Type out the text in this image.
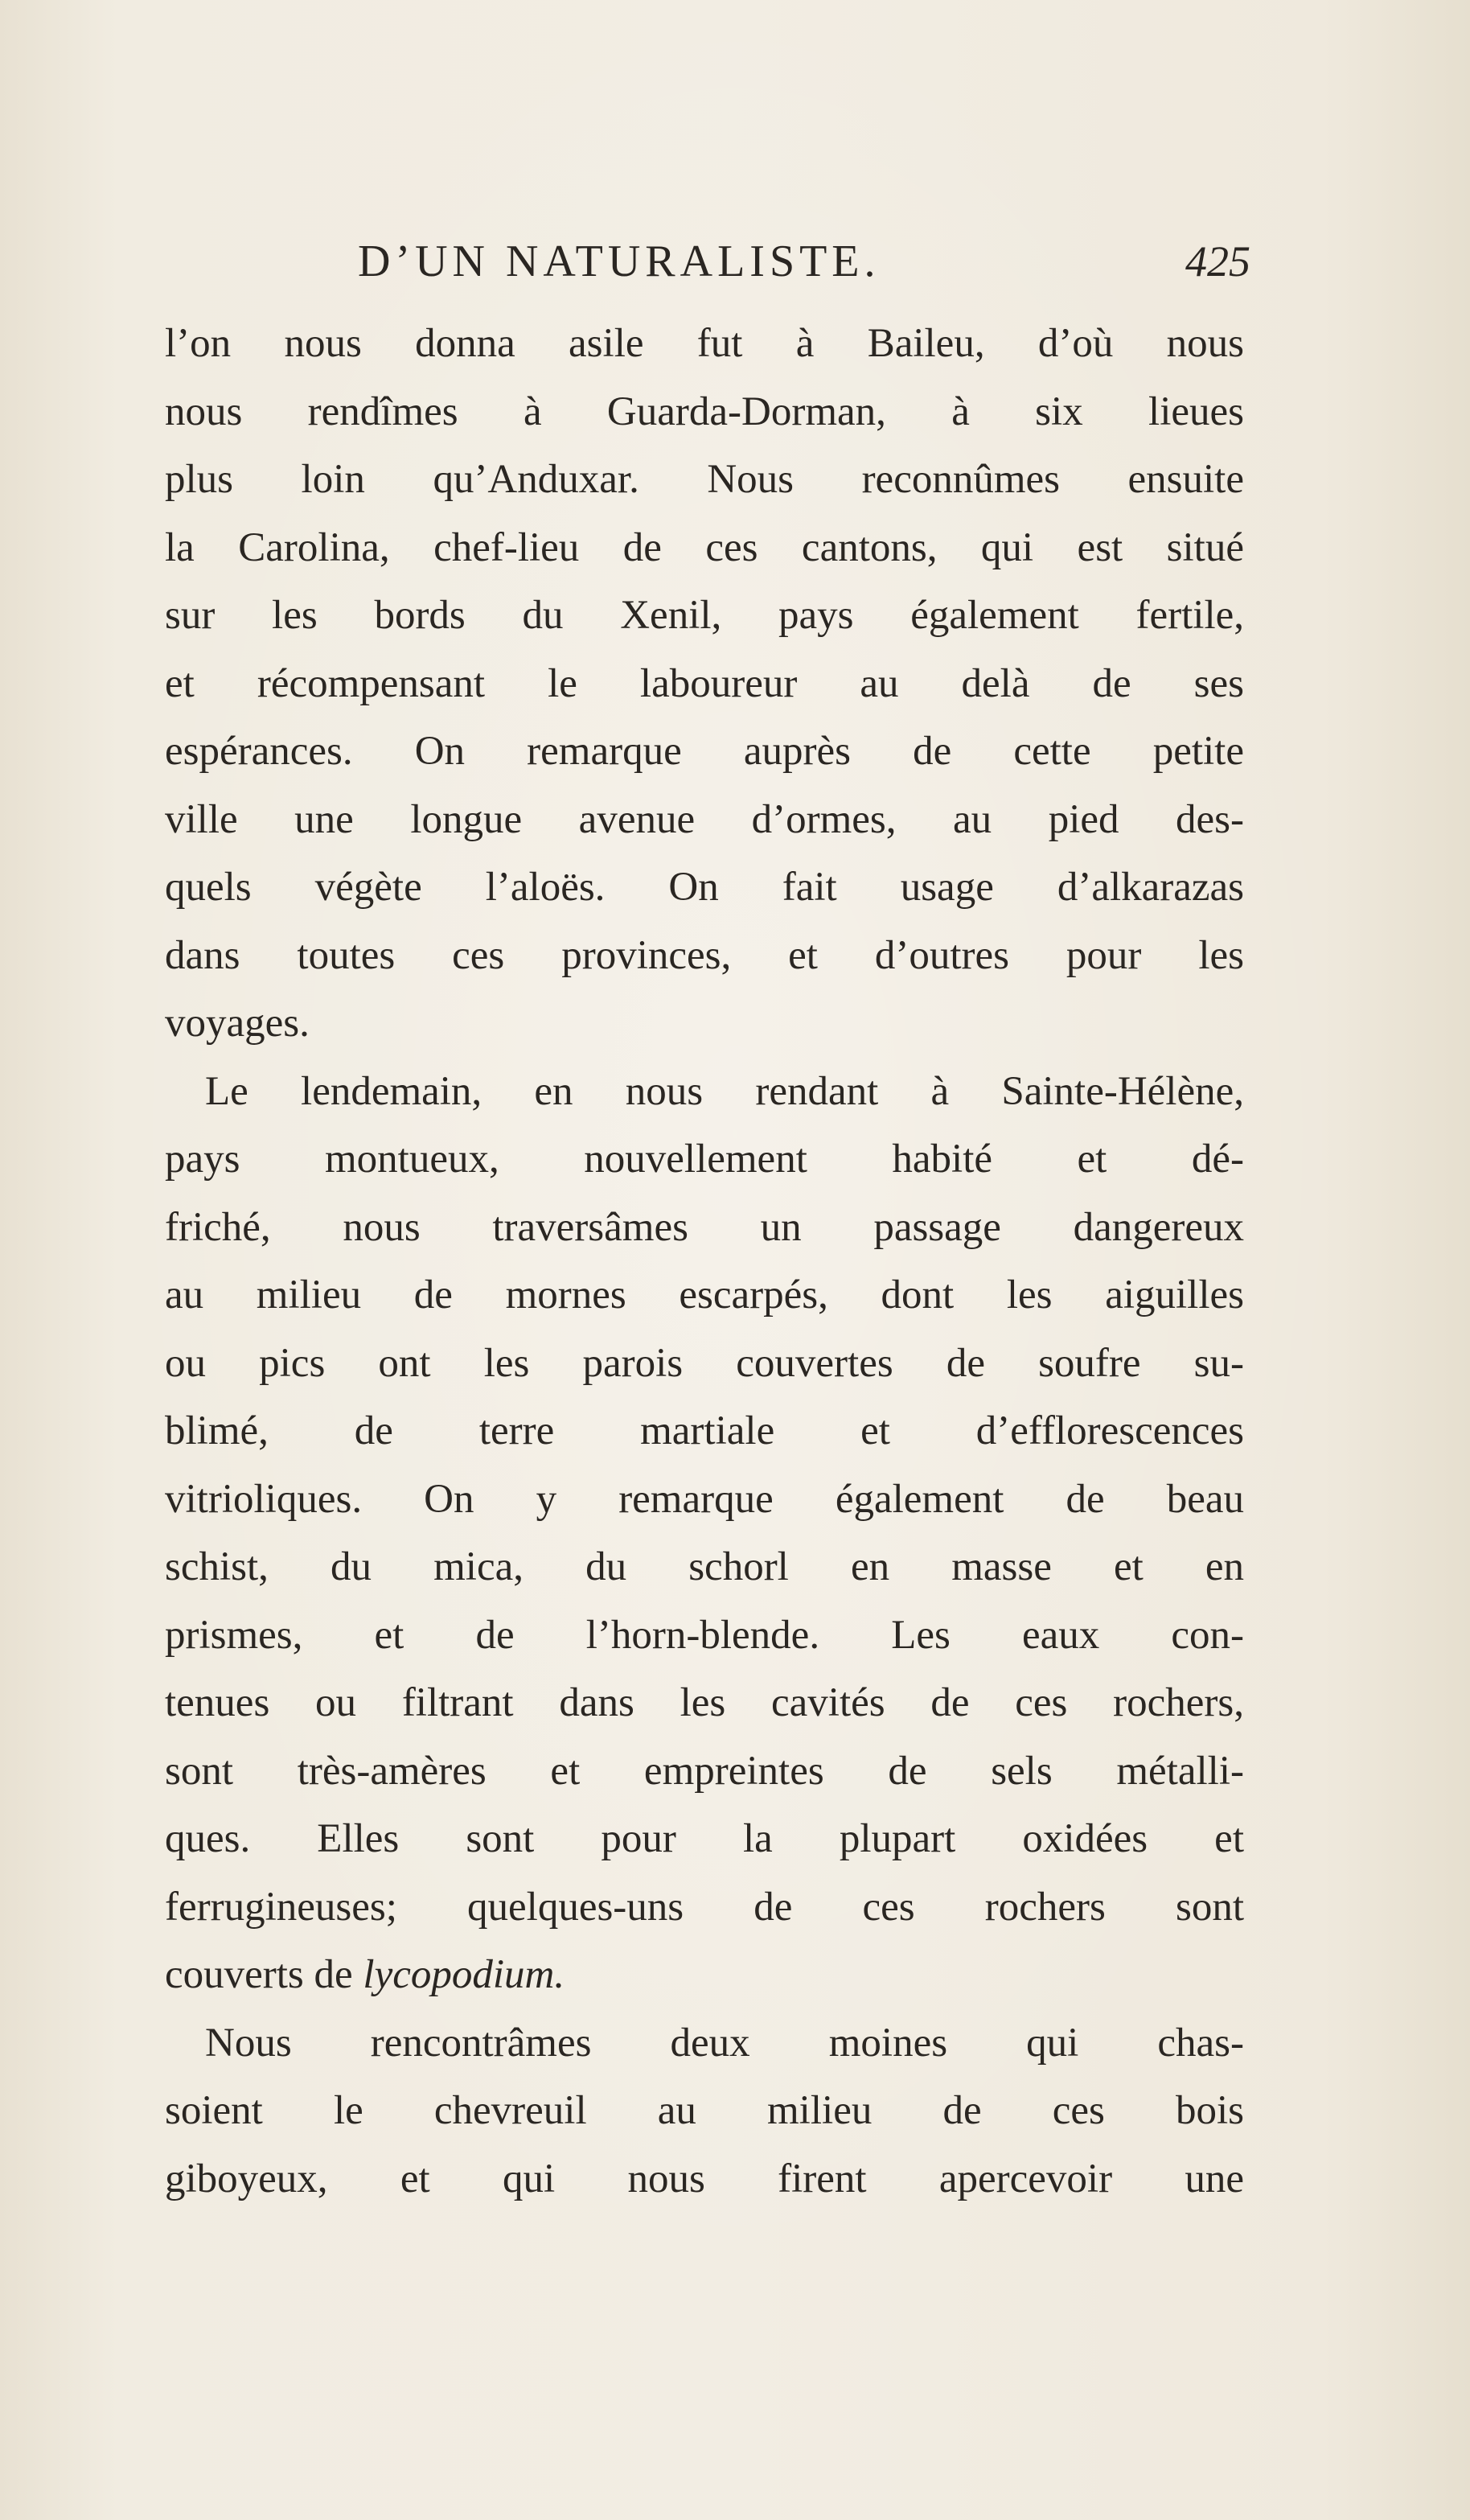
D’UN NATURALISTE.	425
l’on nous donna asile fut à Baileu, d’où nous
nous rendîmes à Guarda-Dorman, à six lieues
plus loin qu’Anduxar. Nous reconnûmes ensuite
la Carolina, chef-lieu de ces cantons, qui est situé
sur les bords du Xenil, pays également fertile,
et récompensant le laboureur au delà de ses
espérances. On remarque auprès de cette petite
ville une longue avenue d’ormes, au pied des-
quels végète l’aloës. On fait usage d’alkarazas
dans toutes ces provinces, et d’outres pour les
voyages.
Le lendemain, en nous rendant à Sainte-Hélène,
pays montueux, nouvellement habité et dé-
friché, nous traversâmes un passage dangereux
au milieu de mornes escarpés, dont les aiguilles
ou pics ont les parois couvertes de soufre su-
blimé, de terre martiale et d’efflorescences
vitrioliques. On y remarque également de beau
schist, du mica, du schorl en masse et en
prismes, et de l’horn-blende. Les eaux con-
tenues ou filtrant dans les cavités de ces rochers,
sont très-amères et empreintes de sels métalli-
ques. Elles sont pour la plupart oxidées et
ferrugineuses; quelques-uns de ces rochers sont
couverts de lycopodium.
Nous rencontrâmes deux moines qui chas-
soient le chevreuil au milieu de ces bois
giboyeux, et qui nous firent apercevoir une
